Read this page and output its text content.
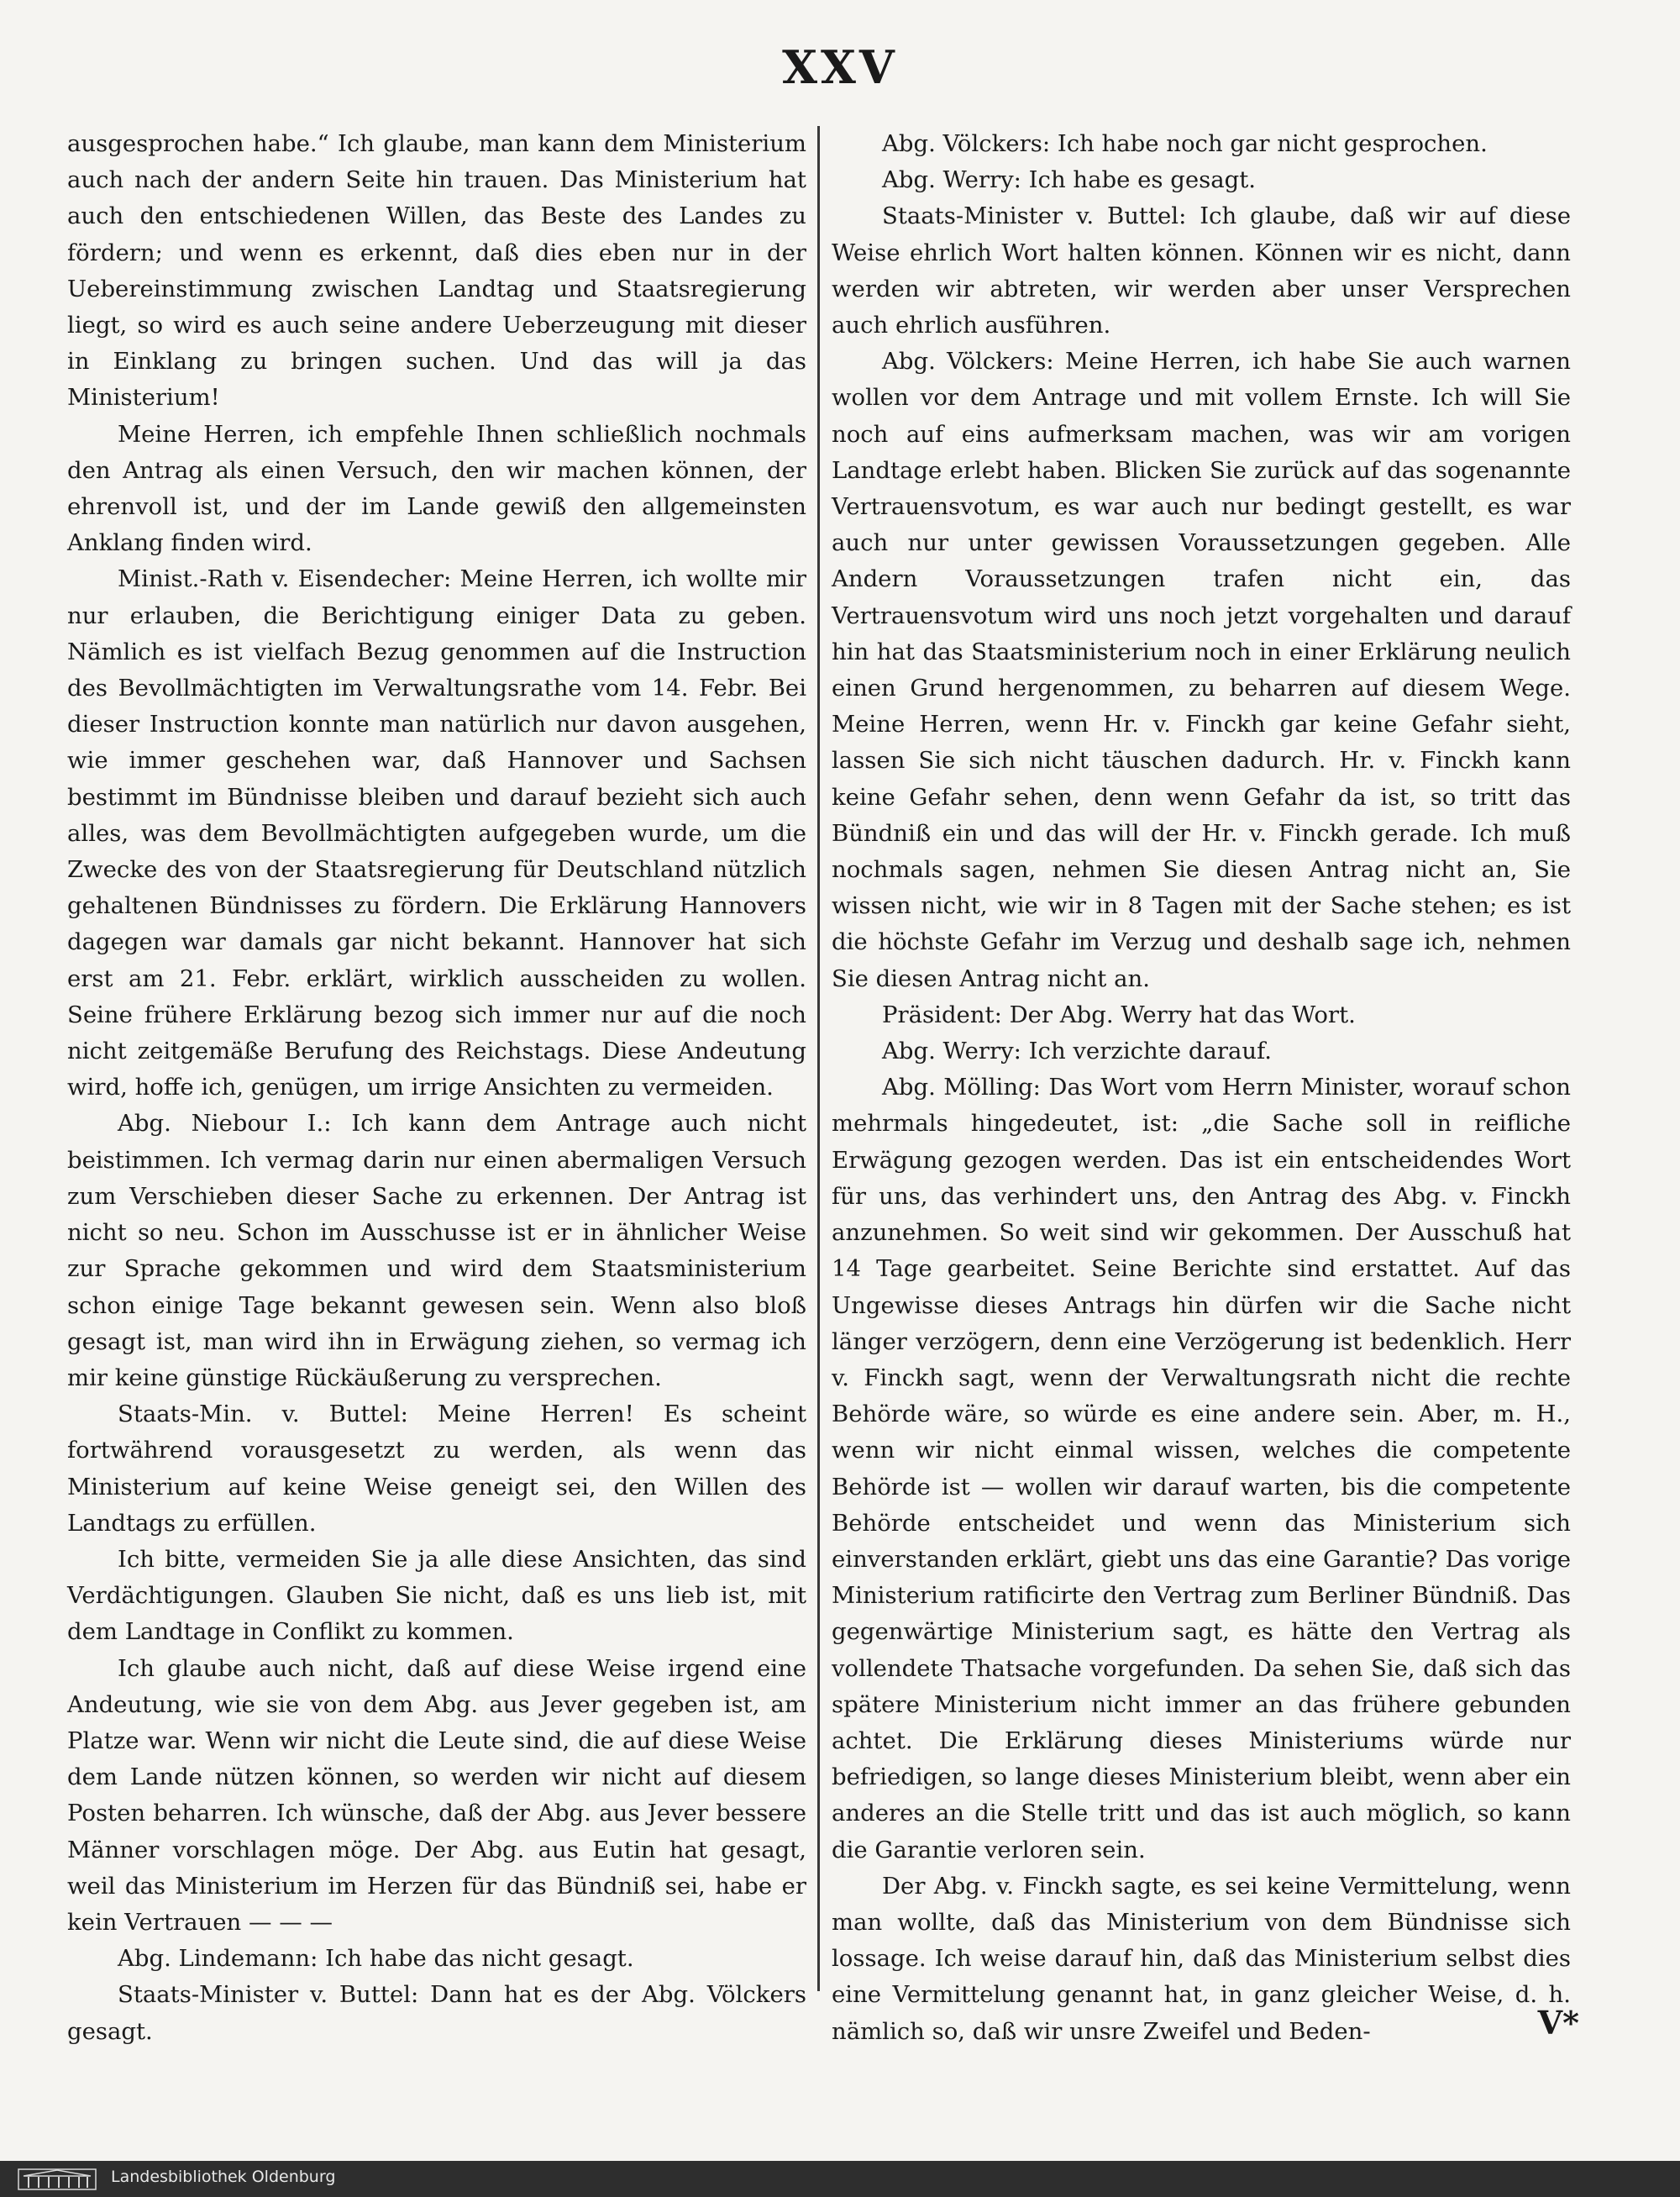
XXV

ausgesprochen habe.“ Ich glaube, man kann dem Ministerium auch nach der andern Seite hin trauen. Das Ministerium hat auch den entschiedenen Willen, das Beste des Landes zu fördern; und wenn es erkennt, daß dies eben nur in der Uebereinstimmung zwischen Landtag und Staatsregierung liegt, so wird es auch seine andere Ueberzeugung mit dieser in Einklang zu bringen suchen. Und das will ja das Ministerium!

Meine Herren, ich empfehle Ihnen schließlich nochmals den Antrag als einen Versuch, den wir machen können, der ehrenvoll ist, und der im Lande gewiß den allgemeinsten Anklang finden wird.

Minist.-Rath v. Eisendecher: Meine Herren, ich wollte mir nur erlauben, die Berichtigung einiger Data zu geben. Nämlich es ist vielfach Bezug genommen auf die Instruction des Bevollmächtigten im Verwaltungsrathe vom 14. Febr. Bei dieser Instruction konnte man natürlich nur davon ausgehen, wie immer geschehen war, daß Hannover und Sachsen bestimmt im Bündnisse bleiben und darauf bezieht sich auch alles, was dem Bevollmächtigten aufgegeben wurde, um die Zwecke des von der Staatsregierung für Deutschland nützlich gehaltenen Bündnisses zu fördern. Die Erklärung Hannovers dagegen war damals gar nicht bekannt. Hannover hat sich erst am 21. Febr. erklärt, wirklich ausscheiden zu wollen. Seine frühere Erklärung bezog sich immer nur auf die noch nicht zeitgemäße Berufung des Reichstags. Diese Andeutung wird, hoffe ich, genügen, um irrige Ansichten zu vermeiden.

Abg. Niebour I.: Ich kann dem Antrage auch nicht beistimmen. Ich vermag darin nur einen abermaligen Versuch zum Verschieben dieser Sache zu erkennen. Der Antrag ist nicht so neu. Schon im Ausschusse ist er in ähnlicher Weise zur Sprache gekommen und wird dem Staatsministerium schon einige Tage bekannt gewesen sein. Wenn also bloß gesagt ist, man wird ihn in Erwägung ziehen, so vermag ich mir keine günstige Rückäußerung zu versprechen.

Staats-Min. v. Buttel: Meine Herren! Es scheint fortwährend vorausgesetzt zu werden, als wenn das Ministerium auf keine Weise geneigt sei, den Willen des Landtags zu erfüllen.

Ich bitte, vermeiden Sie ja alle diese Ansichten, das sind Verdächtigungen. Glauben Sie nicht, daß es uns lieb ist, mit dem Landtage in Conflikt zu kommen.

Ich glaube auch nicht, daß auf diese Weise irgend eine Andeutung, wie sie von dem Abg. aus Jever gegeben ist, am Platze war. Wenn wir nicht die Leute sind, die auf diese Weise dem Lande nützen können, so werden wir nicht auf diesem Posten beharren. Ich wünsche, daß der Abg. aus Jever bessere Männer vorschlagen möge. Der Abg. aus Eutin hat gesagt, weil das Ministerium im Herzen für das Bündniß sei, habe er kein Vertrauen — — —

Abg. Lindemann: Ich habe das nicht gesagt.

Staats-Minister v. Buttel: Dann hat es der Abg. Völckers gesagt.

Abg. Völckers: Ich habe noch gar nicht gesprochen.

Abg. Werry: Ich habe es gesagt.

Staats-Minister v. Buttel: Ich glaube, daß wir auf diese Weise ehrlich Wort halten können. Können wir es nicht, dann werden wir abtreten, wir werden aber unser Versprechen auch ehrlich ausführen.

Abg. Völckers: Meine Herren, ich habe Sie auch warnen wollen vor dem Antrage und mit vollem Ernste. Ich will Sie noch auf eins aufmerksam machen, was wir am vorigen Landtage erlebt haben. Blicken Sie zurück auf das sogenannte Vertrauensvotum, es war auch nur bedingt gestellt, es war auch nur unter gewissen Voraussetzungen gegeben. Alle Andern Voraussetzungen trafen nicht ein, das Vertrauensvotum wird uns noch jetzt vorgehalten und darauf hin hat das Staatsministerium noch in einer Erklärung neulich einen Grund hergenommen, zu beharren auf diesem Wege. Meine Herren, wenn Hr. v. Finckh gar keine Gefahr sieht, lassen Sie sich nicht täuschen dadurch. Hr. v. Finckh kann keine Gefahr sehen, denn wenn Gefahr da ist, so tritt das Bündniß ein und das will der Hr. v. Finckh gerade. Ich muß nochmals sagen, nehmen Sie diesen Antrag nicht an, Sie wissen nicht, wie wir in 8 Tagen mit der Sache stehen; es ist die höchste Gefahr im Verzug und deshalb sage ich, nehmen Sie diesen Antrag nicht an.

Präsident: Der Abg. Werry hat das Wort.

Abg. Werry: Ich verzichte darauf.

Abg. Mölling: Das Wort vom Herrn Minister, worauf schon mehrmals hingedeutet, ist: „die Sache soll in reifliche Erwägung gezogen werden. Das ist ein entscheidendes Wort für uns, das verhindert uns, den Antrag des Abg. v. Finckh anzunehmen. So weit sind wir gekommen. Der Ausschuß hat 14 Tage gearbeitet. Seine Berichte sind erstattet. Auf das Ungewisse dieses Antrags hin dürfen wir die Sache nicht länger verzögern, denn eine Verzögerung ist bedenklich. Herr v. Finckh sagt, wenn der Verwaltungsrath nicht die rechte Behörde wäre, so würde es eine andere sein. Aber, m. H., wenn wir nicht einmal wissen, welches die competente Behörde ist — wollen wir darauf warten, bis die competente Behörde entscheidet und wenn das Ministerium sich einverstanden erklärt, giebt uns das eine Garantie? Das vorige Ministerium ratificirte den Vertrag zum Berliner Bündniß. Das gegenwärtige Ministerium sagt, es hätte den Vertrag als vollendete Thatsache vorgefunden. Da sehen Sie, daß sich das spätere Ministerium nicht immer an das frühere gebunden achtet. Die Erklärung dieses Ministeriums würde nur befriedigen, so lange dieses Ministerium bleibt, wenn aber ein anderes an die Stelle tritt und das ist auch möglich, so kann die Garantie verloren sein.

Der Abg. v. Finckh sagte, es sei keine Vermittelung, wenn man wollte, daß das Ministerium von dem Bündnisse sich lossage. Ich weise darauf hin, daß das Ministerium selbst dies eine Vermittelung genannt hat, in ganz gleicher Weise, d. h. nämlich so, daß wir unsre Zweifel und Beden-	V*
Landesbibliothek Oldenburg
